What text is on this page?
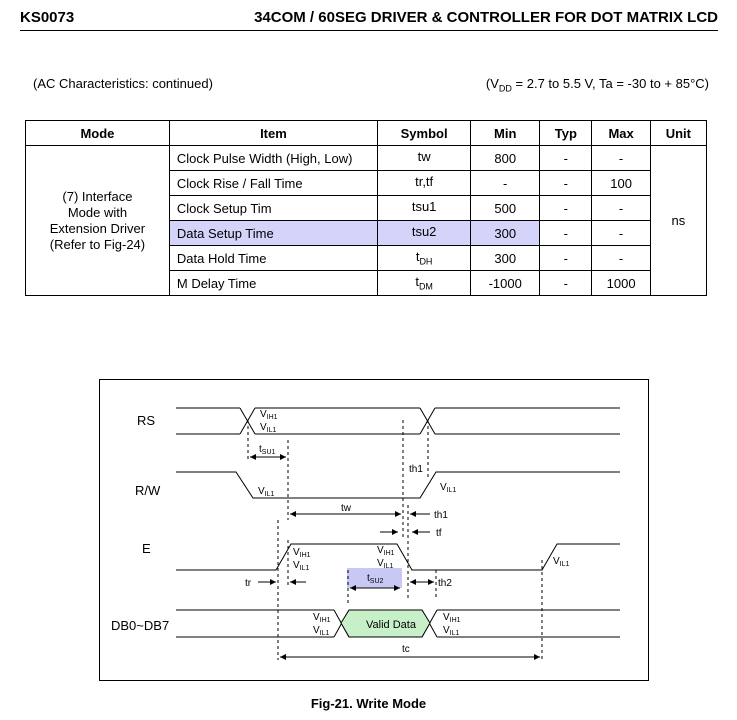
KS0073	34COM / 60SEG DRIVER & CONTROLLER FOR DOT MATRIX LCD
(AC Characteristics: continued)	($V_{DD} = 2.7$ to 5.5 V, Ta = -30 to + 85°C)
Mode	Item	Symbol	Min	Typ	Max	Unit

(7) Interface
Mode with
Extension Driver
(Refer to Fig-24)	Clock Pulse Width (High, Low)	tw	800	-	-	ns
	Clock Rise / Fall Time	tr,tf	-	-	100	
	Clock Setup Tim	tsu1	500	-	-	
	Data Setup Time	tsu2	300	-	-	
	Data Hold Time	$t_{DH}$	300	-	-	
	M Delay Time	$t_{DM}$	-1000	-	1000	
RS
R/W
E
DB0~DB7	Valid Data
$V_{IH1}$
$V_{IL1}$
$t_{SU1}$
th1
$V_{IL1}$
$V_{IL1}$
tw
th1
tf
$V_{IH1}$
$V_{IL1}$
$V_{IH1}$
$V_{IL1}$	$V_{IL1}$
tr	$t_{SU2}$	th2
$V_{IH1}$
$V_{IL1}$
$V_{IH1}$
$V_{IL1}$
tc
Fig-21. Write Mode
